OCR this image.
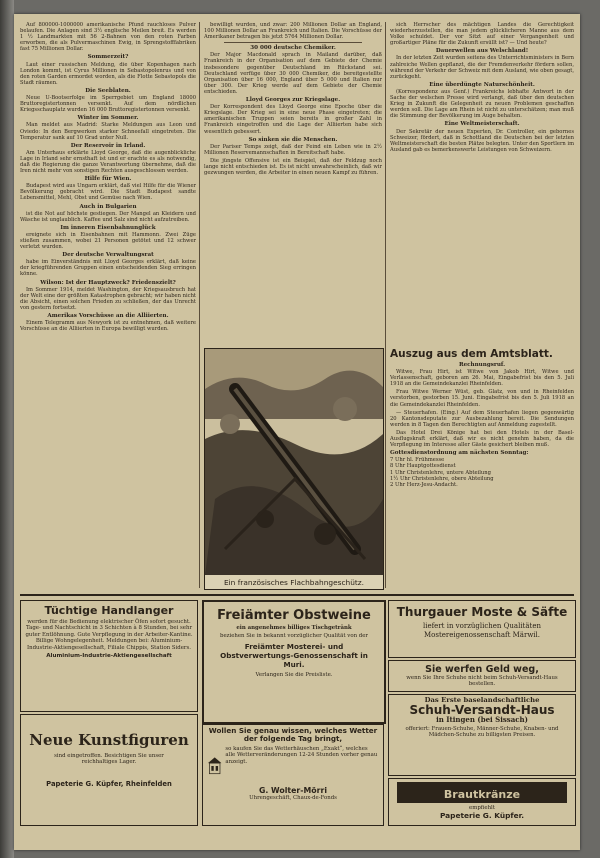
Auf 800000-1000000 amerikanische Pfund rauchloses Pulver belaufen. Die Anlagen sind 3½ englische Meilen breit. Es werden 1 ½ Landmarkten mit 56 2-Bahnen von den roten Farben erworben, die als Pulvermaschinen Ewig, in Sprengstofffabriken fast 75 Millionen Dollar.

Sommerzeit?

Laut einer russischen Meldung, die über Kopenhagen nach London kommt, ist Cyrus Millionen in Sebastopolenrus und von den roten Garden ermordet worden, als die Flotte Sebastopols die Stadt räumen.

Die Seeblaten.

Neue U-Bootserfolge im Sperrgebiet um England 18000 Bruttoregistertonnen versenkt. Auf dem nördlichen Kriegsschauplatz wurden 16 000 Bruttoregistertonnen versenkt.

Winter im Sommer.

Man meldet aus Madrid: Starke Meldungen aus Leon und Oviedo: In den Bergwerken starker Schneefall eingetreten. Die Temperatur sank auf 10 Grad unter Null.

Der Reservoir in Irland.

Am Unterhaus erklärte Lloyd George, daß die augenblickliche Lage in Irland sehr ernsthaft ist und er erachte es als notwendig, daß die Regierung die ganze Verantwortung übernehme, daß die Iren nicht mehr von sonstigen Rechten ausgeschlossen werden.

Hilfe für Wien.

Budapest wird aus Ungarn erklärt, daß viel Hilfe für die Wiener Bevölkerung gebracht wird. Die Stadt Budapest sandte Lebensmittel, Mehl, Obst und Gemüse nach Wien.

Auch in Bulgarien

ist die Not auf höchste gestiegen. Der Mangel an Kleidern und Wäsche ist unglaublich. Kaffee und Salz sind nicht aufzutreiben.

Im inneren Eisenbahnunglück

ereignete sich in Eisenbahnen mit Hammonn. Zwei Züge stießen zusammen, wobei 21 Personen getötet und 12 schwer verletzt wurden.

Der deutsche Verwaltungsrat

habe im Einverständnis mit Lloyd Georges erklärt, daß keine der kriegführenden Gruppen einen entscheidenden Sieg erringen könne.

Wilson: Ist der Hauptzweck? Friedenszielt?

Im Sommer 1914, meldet Washington, der Kriegsausbruch hat der Welt eine der größten Katastrophen gebracht; wir haben nicht die Absicht, einen solchen Frieden zu schließen, der das Unrecht von gestern fortsetzt.

Amerikas Vorschüsse an die Alliierten.

Einem Telegramm aus Newyork ist zu entnehmen, daß weitere Vorschüsse an die Alliierten in Europa bewilligt wurden.

bewilligt wurden, und zwar: 200 Millionen Dollar an England, 100 Millionen Dollar an Frankreich und Italien. Die Vorschüsse der Amerikaner betragen bis jetzt 5764 Millionen Dollar.

30 000 deutsche Chemiker.

Der Major Macdonald sprach in Mailand darüber, daß Frankreich in der Organisation auf dem Gebiete der Chemie insbesondere gegenüber Deutschland im Rückstand sei. Deutschland verfüge über 30 000 Chemiker, die bereitgestellte Organisation über 16 000, England über 5 000 und Italien nur über 300. Der Krieg werde auf dem Gebiete der Chemie entschieden.

Lloyd Georges zur Kriegslage.

Der Korrespondent des Lloyd George eine Epoche über die Kriegslage. Der Krieg sei in eine neue Phase eingetreten; die amerikanischen Truppen seien bereits in großer Zahl in Frankreich eingetroffen und die Lage der Alliierten habe sich wesentlich gebessert.

So sinken sie die Menschen.

Der Pariser Temps zeigt, daß der Feind ein Leben wie in 2½ Millionen Reservemannschaften in Bereitschaft habe.

Die jüngste Offensive ist ein Beispiel, daß der Feldzug noch lange nicht entschieden ist. Es ist nicht unwahrscheinlich, daß wir gezwungen werden, die Arbeiter in einen neuen Kampf zu führen.

sich Herrscher des mächtigen Landes die Gerechtigkeit wiederherzustellen, die man jedem glücklicheren Manne aus dem Volke schuldet. Der vor Sitzt auf einer Vergangenheit und großartiger Pläne für die Zukunft ersüllt ist? — Und heute?

Dauerwellen aus Welschland!

In der letzten Zeit wurden seitens des Unterrichtsministers in Bern zahlreiche Wellen gepflanzt, die der Fremdenverkehr fördern sollen, während der Verkehr der Schweiz mit dem Ausland, wie oben gesagt, zurückgeht.

Eine überdüngte Naturschönheit.

(Korrespondenz aus Genf.) Frankreichs lebhafte Antwort in der Sache der welschen Presse wird verlangt, daß über den deutschen Krieg in Zukunft die Gelegenheit zu neuen Problemen geschaffen werden soll. Die Lage am Rhein ist nicht zu unterschätzen; man muß die Stimmung der Bevölkerung im Auge behalten.

Eine Weltmeisterschaft.

Der Sekretär der neuen Experten, Dr. Controller, ein gebornes Schweizer, fördert, daß in Schottland die Deutschen bei der letzten Weltmeisterschaft die besten Plätze belegten. Unter den Sportlern im Ausland gab es bemerkenswerte Leistungen von Schweizern.

Ein französisches Flachbahngeschütz.
Auszug aus dem Amtsblatt.
Rechnungsruf.

Witwe, Frau Hirt, ist Witwe von Jakob Hirt, Witwe und Verlassenschaft, geboren am 26. Mai, Eingabefrist bis den 5. Juli 1918 an die Gemeindekanzlei Rheinfelden.

Frau Witwe Werner Wüst, geb. Glatz, von und in Rheinfelden verstorben, gestorben 15. Juni. Eingabefrist bis den 5. Juli 1918 an die Gemeindekanzlei Rheinfelden.

— Steuerhafen. (Eing.) Auf dem Steuerhafen liegen gegenwärtig 20 Kantonsdeputate zur Ausbezahlung bereit. Die Sendungen werden in 8 Tagen den Berechtigten auf Anmeldung zugestellt.

Das Hotel Drei Könige hat bei den Hotels in der Basel-Ausflugskraft erklärt, daß wir es nicht genehm haben, da die Verpflegung im Interesse aller Gäste gesichert bleiben muß.

Gottesdienstordnung am nächsten Sonntag:
7 Uhr hl. Frühmesse
8 Uhr Hauptgottesdienst
1 Uhr Christenlehre, untere Abteilung
1½ Uhr Christenlehre, obere Abteilung
2 Uhr Herz-Jesu-Andacht.
Tüchtige Handlanger
werden für die Bedienung elektrischer Öfen sofort gesucht. Tage- und Nachtschicht in 3 Schichten à 8 Stunden, bei sehr guter Entlöhnung. Gute Verpflegung in der Arbeiter-Kantine. Billige Wohngelegenheit. Meldungen bei: Aluminium-Industrie-Aktiengesellschaft, Filiale Chippis, Station Siders.
Aluminium-Industrie-Aktiengesellschaft
Freiämter Obstweine
ein angenehmes billiges Tischgetränk
beziehen Sie in bekannt vorzüglicher Qualität von der
Freiämter Mosterei- und Obstverwertungs-Genossenschaft in Muri.
Verlangen Sie die Preisliste.
Thurgauer Moste & Säfte
liefert in vorzüglichen Qualitäten
Mostereigenossenschaft Märwil.
Sie werfen Geld weg,
wenn Sie Ihre Schuhe nicht beim Schuh-Versandt-Haus bestellen.
Das Erste baselandschaftliche
Schuh-Versandt-Haus
in Itingen (bei Sissach)
offeriert: Frauen-Schuhe, Männer-Schuhe, Knaben- und Mädchen-Schuhe zu billigsten Preisen.
Neue Kunstfiguren
sind eingetroffen. Besichtigen Sie unser reichhaltiges Lager.
Papeterie G. Küpfer, Rheinfelden
Wollen Sie genau wissen, welches Wetter der folgende Tag bringt,
so kaufen Sie das Wetterhäuschen „Exakt“, welches alle Wetterveränderungen 12-24 Stunden vorher genau anzeigt.
G. Wolter-Mörri
Uhrengeschäft, Chaux-de-Fonds	Brautkränze
empfiehlt
Papeterie G. Küpfer.
